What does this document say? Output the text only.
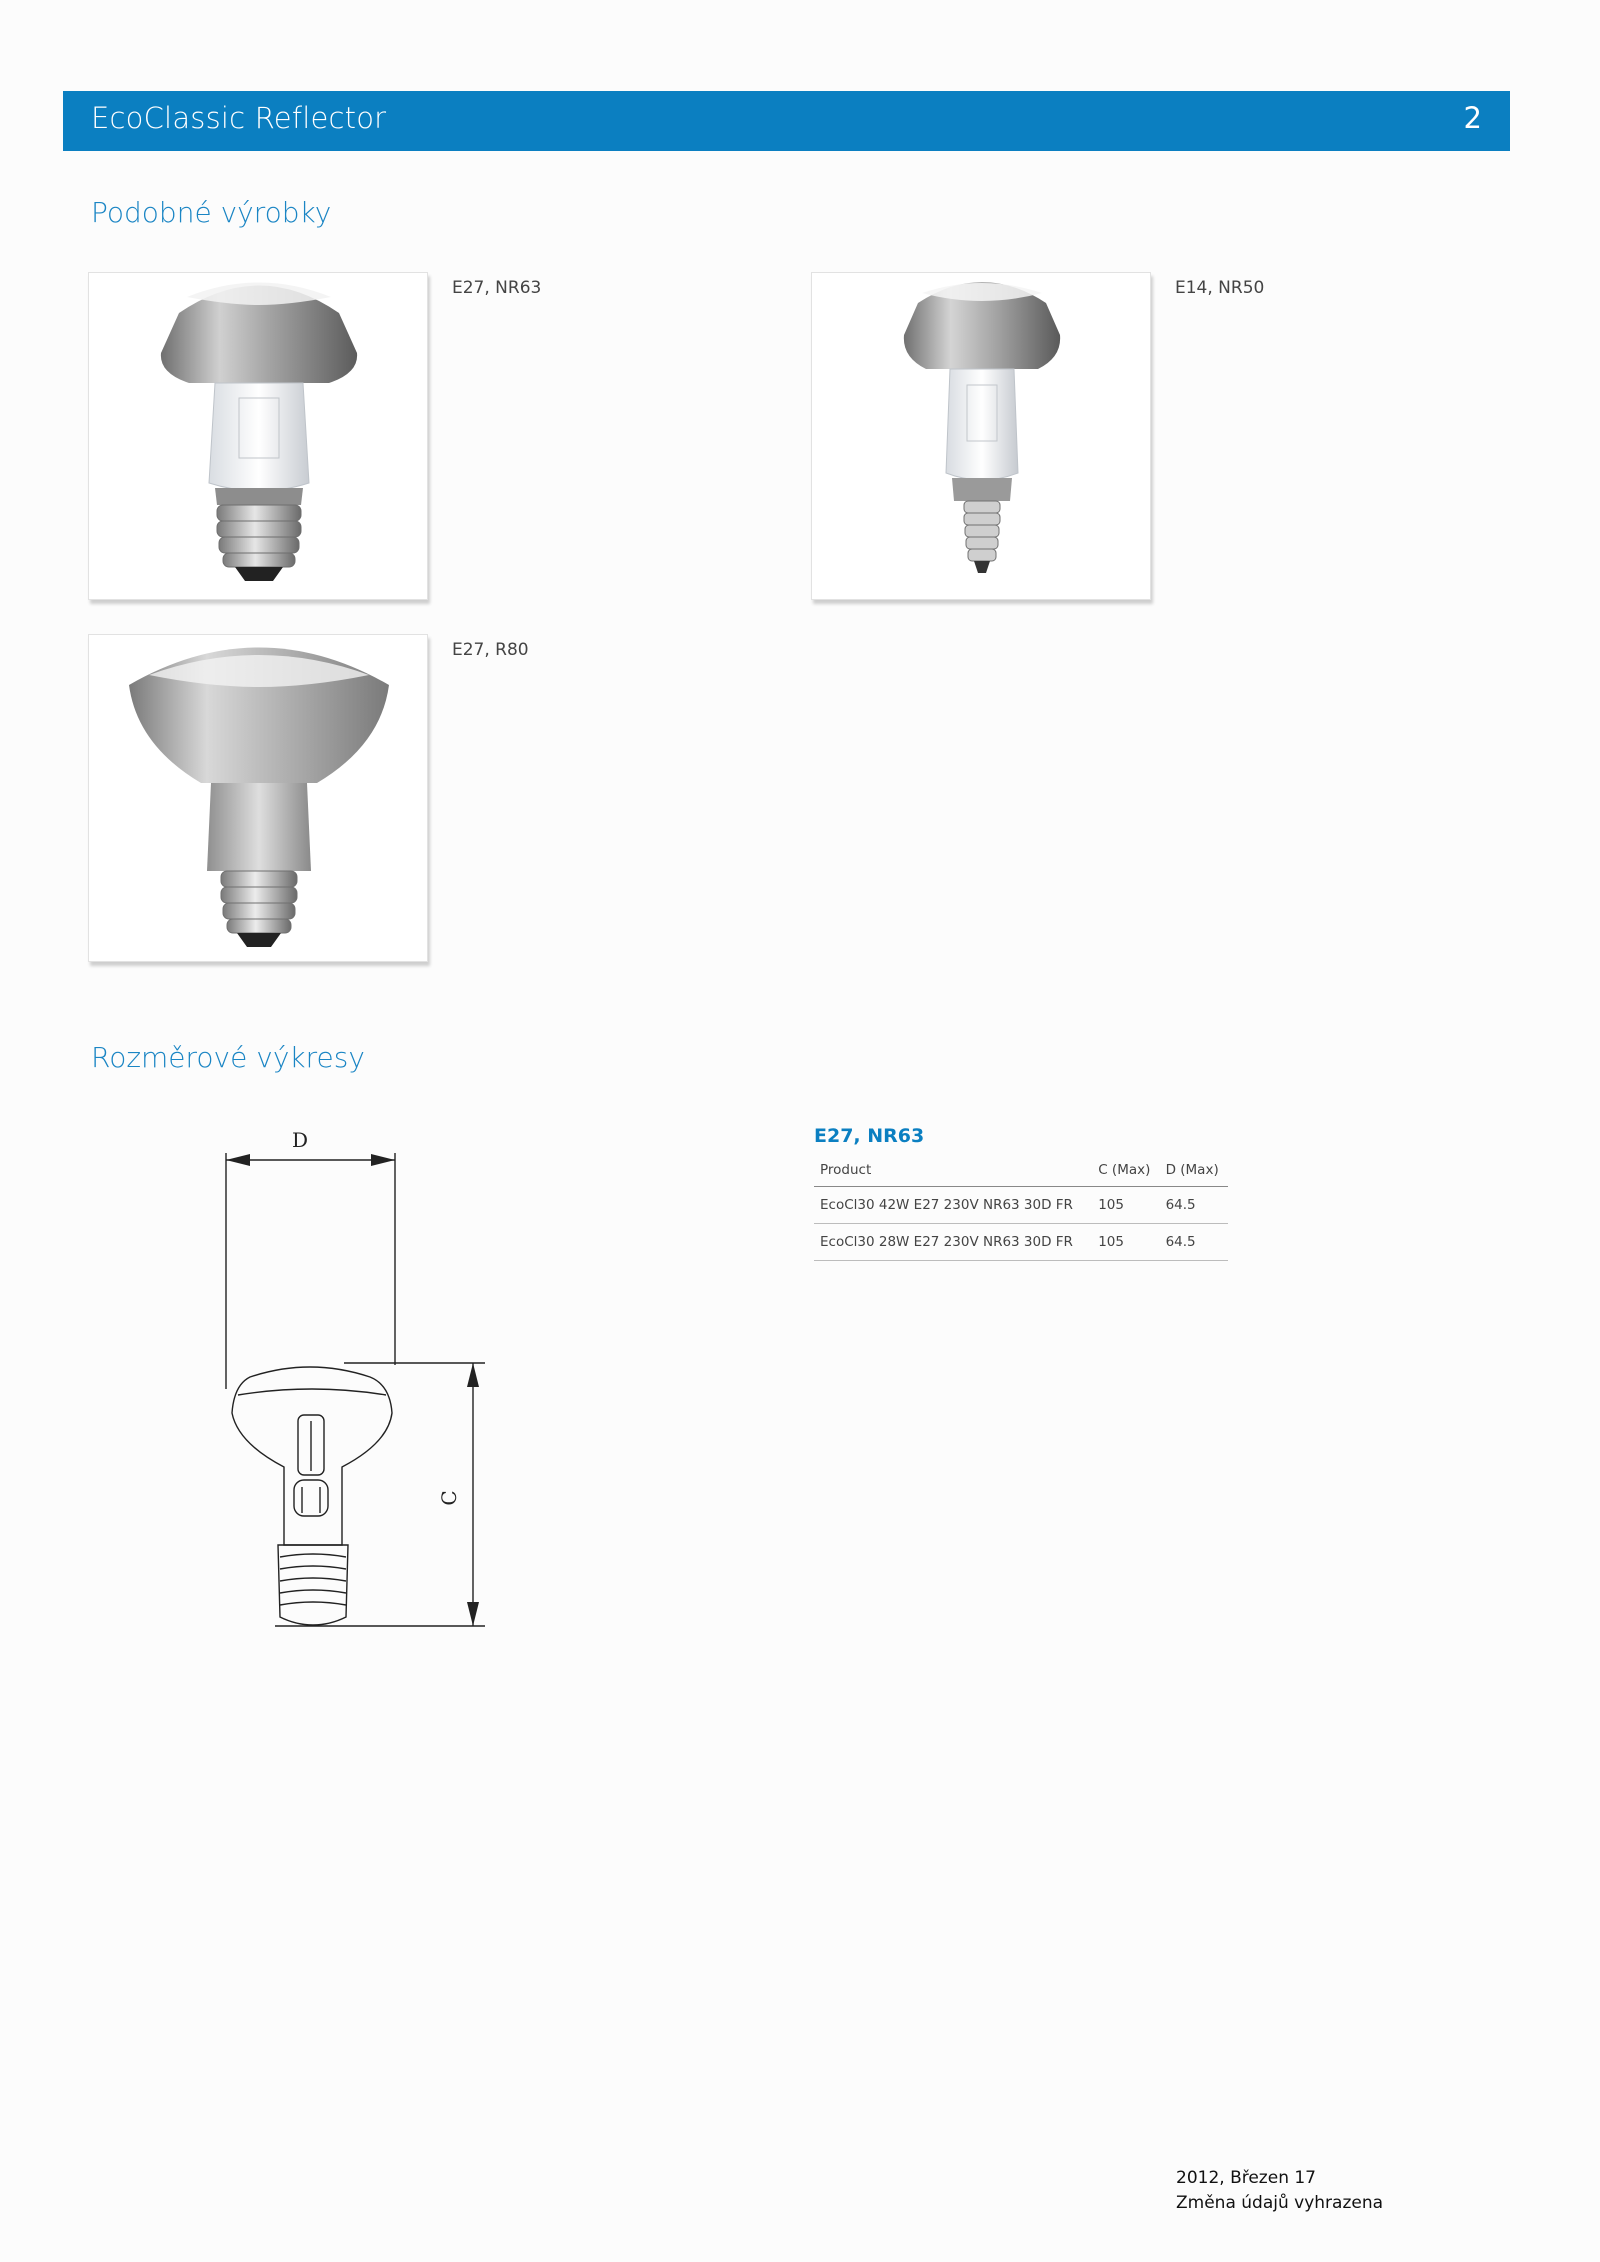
EcoClassic Reflector	2
Podobné výrobky
E27, NR63	E14, NR50
E27, R80
Rozměrové výkresy
D
C
E27, NR63
Product	C (Max)	D (Max)
EcoCl30 42W E27 230V NR63 30D FR	105	64.5
EcoCl30 28W E27 230V NR63 30D FR	105	64.5
2012, Březen 17
Změna údajů vyhrazena
